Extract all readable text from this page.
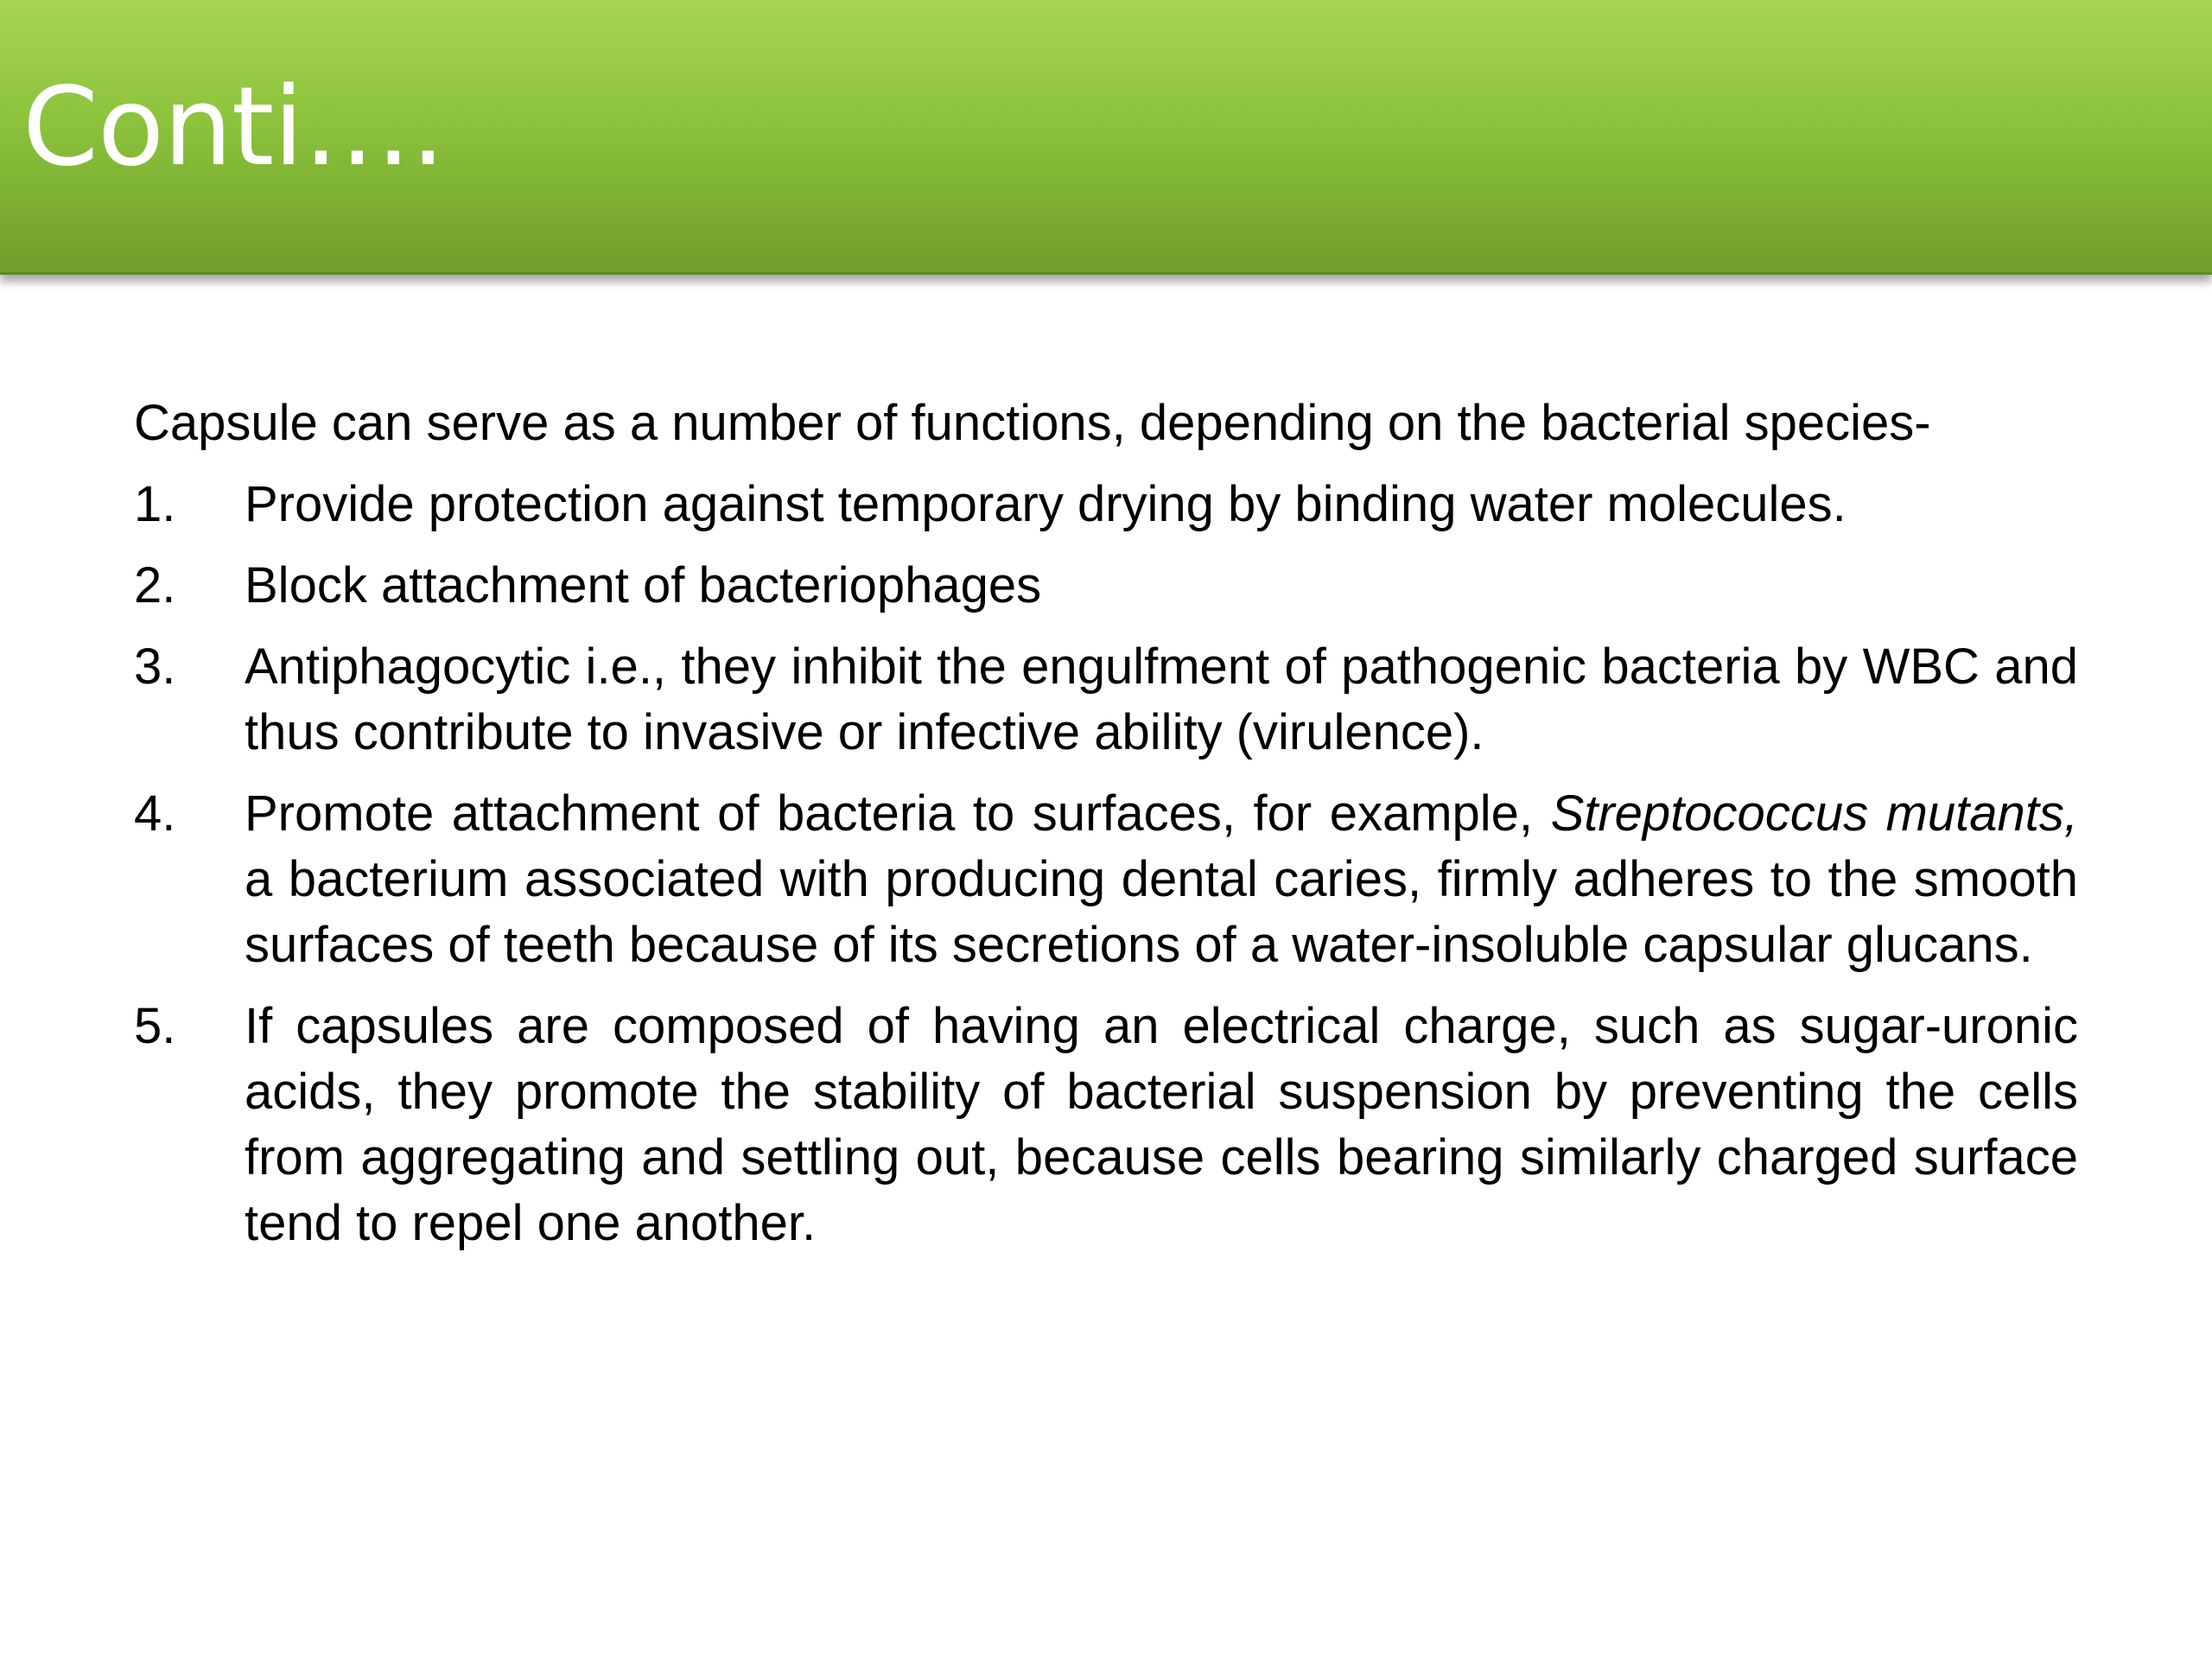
Conti….

Capsule can serve as a number of functions, depending on the bacterial species-

1.	Provide protection against temporary drying by binding water molecules.
2.	Block attachment of bacteriophages
3.	Antiphagocytic i.e., they inhibit the engulfment of pathogenic bacteria by WBC and thus contribute to invasive or infective ability (virulence).
4.	Promote attachment of bacteria to surfaces, for example, Streptococcus mutants, a bacterium associated with producing dental caries, firmly adheres to the smooth surfaces of teeth because of its secretions of a water-insoluble capsular glucans.
5.	If capsules are composed of having an electrical charge, such as sugar-uronic acids, they promote the stability of bacterial suspension by preventing the cells from aggregating and settling out, because cells bearing similarly charged surface tend to repel one another.
